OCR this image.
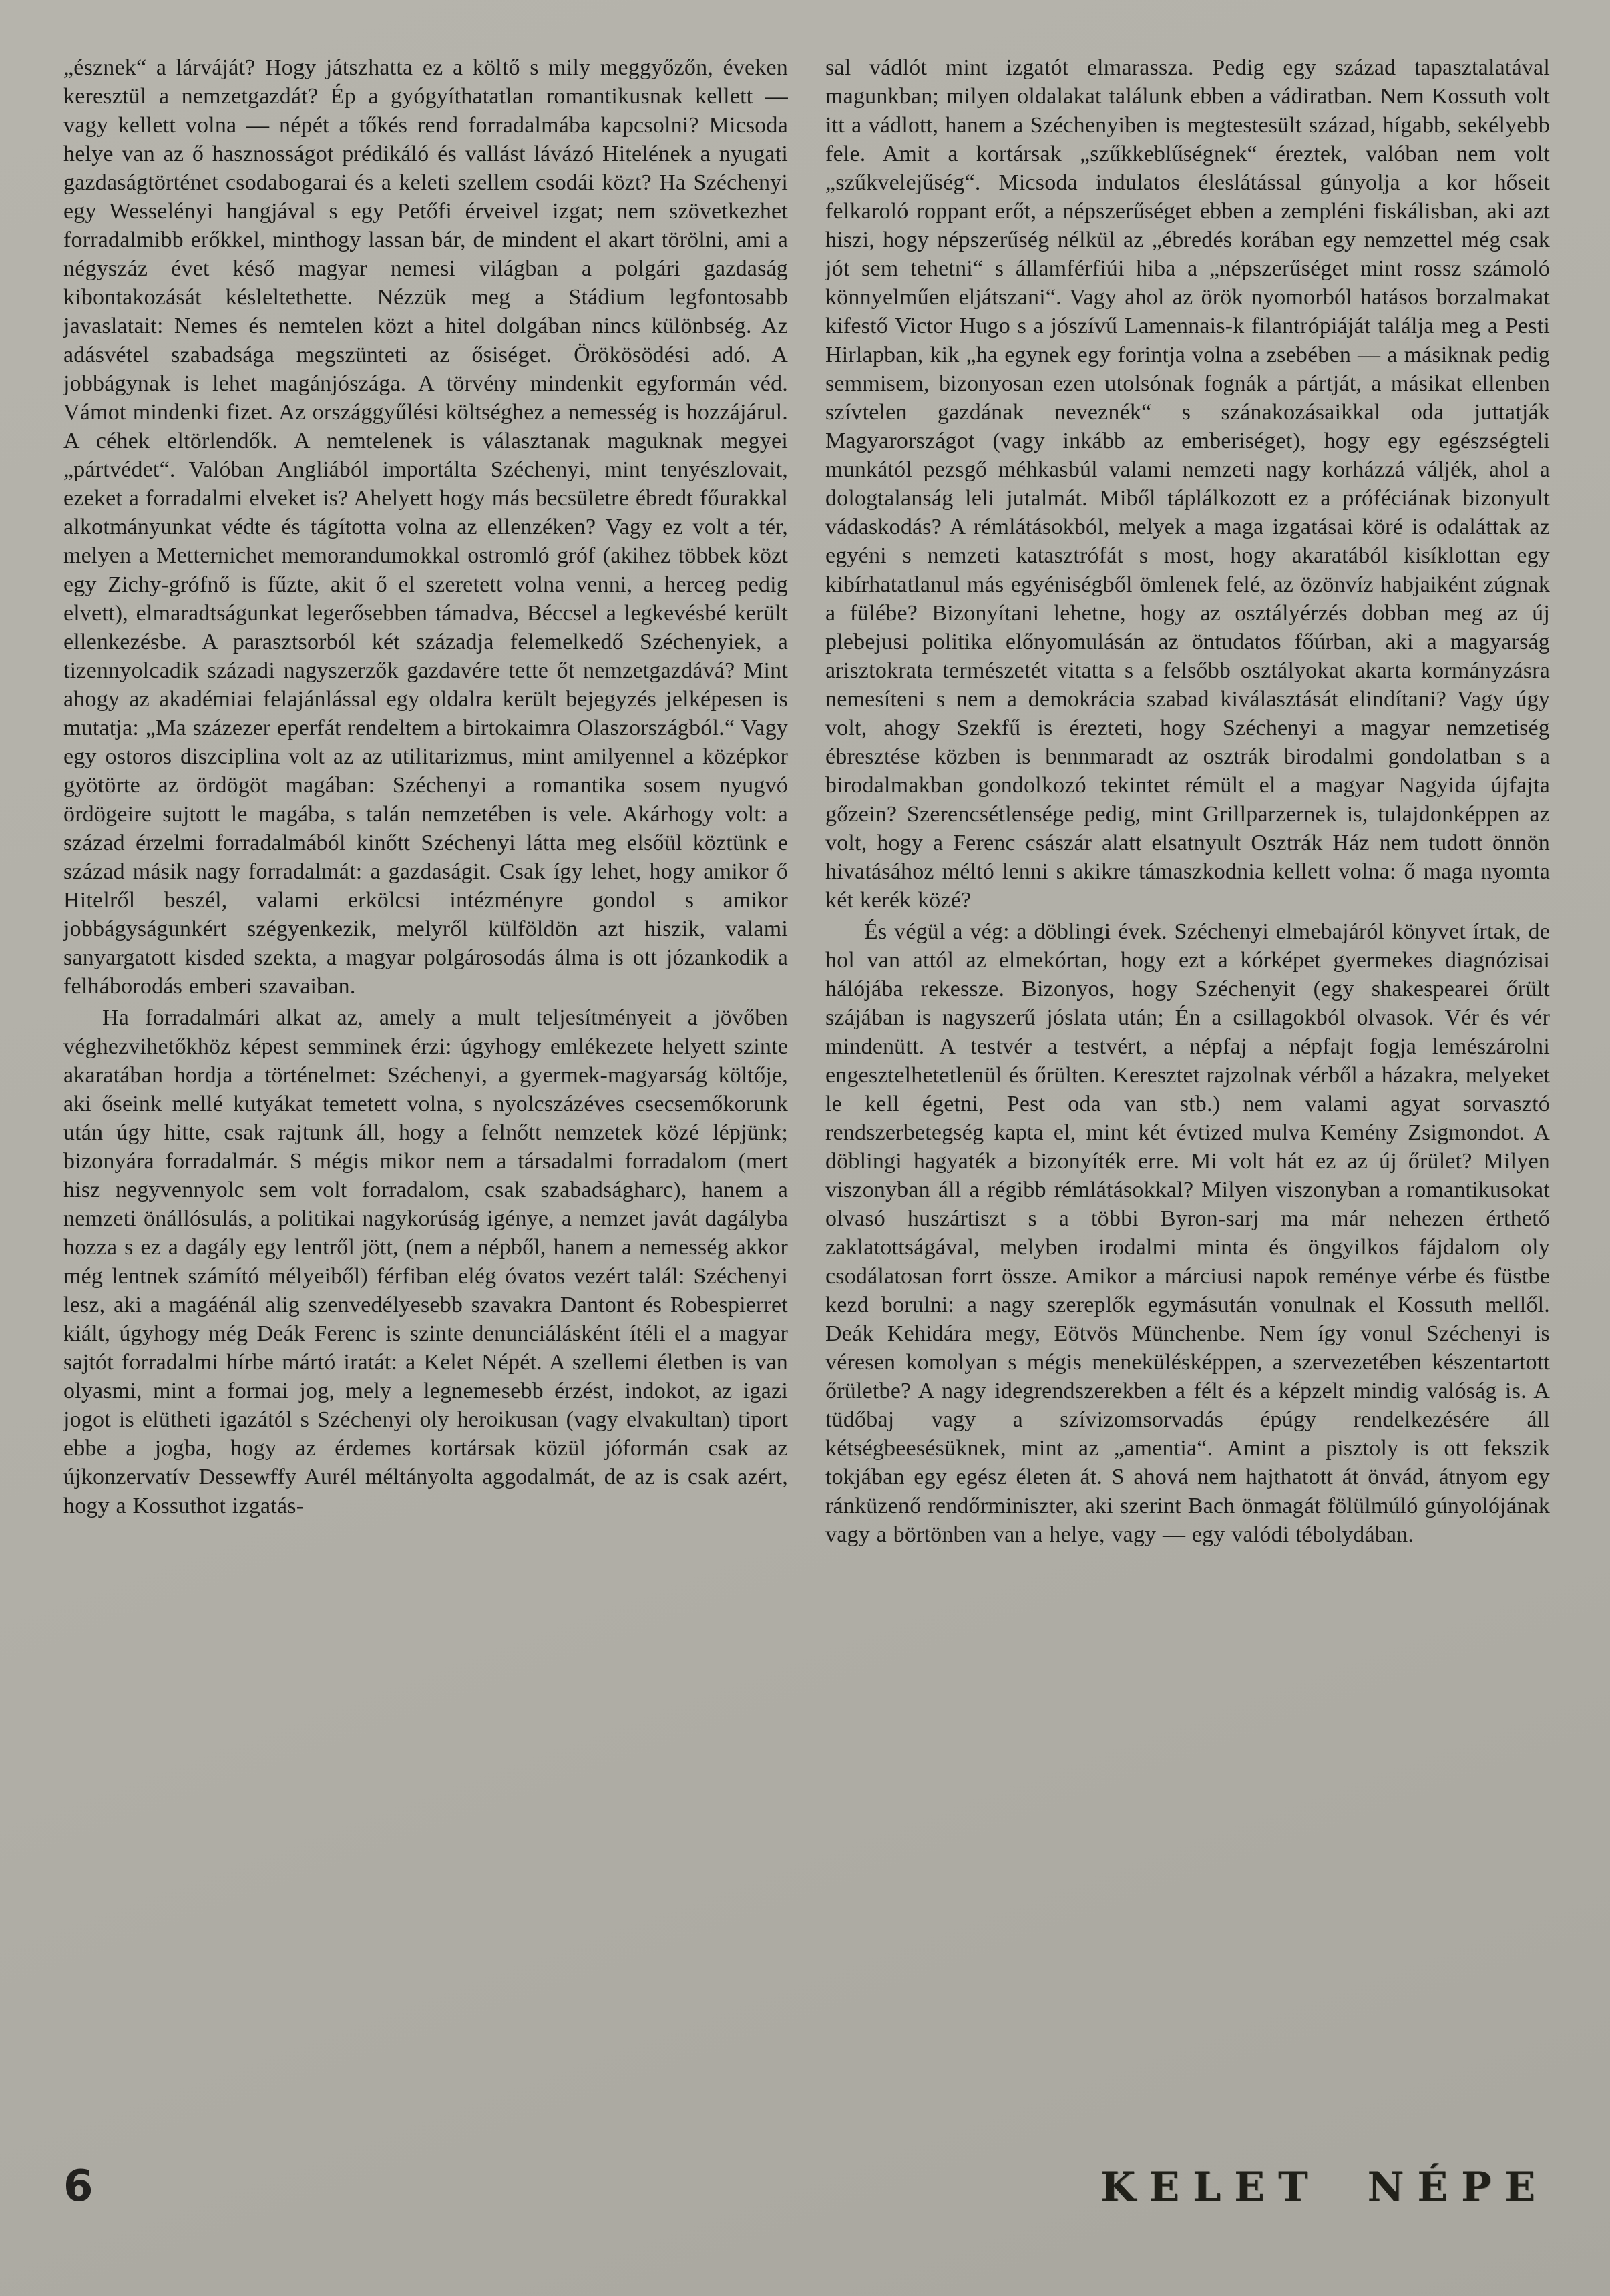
„észnek“ a lárváját? Hogy játszhatta ez a költő s mily meggyőzőn, éveken keresztül a nemzetgazdát? Ép a gyógyíthatatlan romantikusnak kellett — vagy kellett volna — népét a tőkés rend forradalmába kapcsolni? Micsoda helye van az ő hasznosságot prédikáló és vallást lávázó Hitelének a nyugati gazdaságtörténet csodabogarai és a keleti szellem csodái közt? Ha Széchenyi egy Wesselényi hangjával s egy Petőfi érveivel izgat; nem szövetkezhet forradalmibb erőkkel, minthogy lassan bár, de mindent el akart törölni, ami a négyszáz évet késő magyar nemesi világban a polgári gazdaság kibontakozását késleltethette. Nézzük meg a Stádium legfontosabb javaslatait: Nemes és nemtelen közt a hitel dolgában nincs különbség. Az adásvétel szabadsága megszünteti az ősiséget. Örökösödési adó. A jobbágynak is lehet magánjószága. A törvény mindenkit egyformán véd. Vámot mindenki fizet. Az országgyűlési költséghez a nemesség is hozzájárul. A céhek eltörlendők. A nemtelenek is választanak maguknak megyei „pártvédet“. Valóban Angliából importálta Széchenyi, mint tenyészlovait, ezeket a forradalmi elveket is? Ahelyett hogy más becsületre ébredt főurakkal alkotmányunkat védte és tágította volna az ellenzéken? Vagy ez volt a tér, melyen a Metternichet memorandumokkal ostromló gróf (akihez többek közt egy Zichy-grófnő is fűzte, akit ő el szeretett volna venni, a herceg pedig elvett), elmaradtságunkat legerősebben támadva, Béccsel a legkevésbé került ellenkezésbe. A parasztsorból két századja felemelkedő Széchenyiek, a tizennyolcadik századi nagyszerzők gazdavére tette őt nemzetgazdává? Mint ahogy az akadémiai felajánlással egy oldalra került bejegyzés jelképesen is mutatja: „Ma százezer eperfát rendeltem a birtokaimra Olaszországból.“ Vagy egy ostoros diszciplina volt az az utilitarizmus, mint amilyennel a középkor gyötörte az ördögöt magában: Széchenyi a romantika sosem nyugvó ördögeire sujtott le magába, s talán nemzetében is vele. Akárhogy volt: a század érzelmi forradalmából kinőtt Széchenyi látta meg elsőül köztünk e század másik nagy forradalmát: a gazdaságit. Csak így lehet, hogy amikor ő Hitelről beszél, valami erkölcsi intézményre gondol s amikor jobbágyságunkért szégyenkezik, melyről külföldön azt hiszik, valami sanyargatott kisded szekta, a magyar polgárosodás álma is ott józankodik a felháborodás emberi szavaiban.

Ha forradalmári alkat az, amely a mult teljesítményeit a jövőben véghezvihetőkhöz képest semminek érzi: úgyhogy emlékezete helyett szinte akaratában hordja a történelmet: Széchenyi, a gyermek-magyarság költője, aki őseink mellé kutyákat temetett volna, s nyolcszázéves csecsemőkorunk után úgy hitte, csak rajtunk áll, hogy a felnőtt nemzetek közé lépjünk; bizonyára forradalmár. S mégis mikor nem a társadalmi forradalom (mert hisz negyvennyolc sem volt forradalom, csak szabadságharc), hanem a nemzeti önállósulás, a politikai nagykorúság igénye, a nemzet javát dagályba hozza s ez a dagály egy lentről jött, (nem a népből, hanem a nemesség akkor még lentnek számító mélyeiből) férfiban elég óvatos vezért talál: Széchenyi lesz, aki a magáénál alig szenvedélyesebb szavakra Dantont és Robespierret kiált, úgyhogy még Deák Ferenc is szinte denunciálásként ítéli el a magyar sajtót forradalmi hírbe mártó iratát: a Kelet Népét. A szellemi életben is van olyasmi, mint a formai jog, mely a legnemesebb érzést, indokot, az igazi jogot is elütheti igazától s Széchenyi oly heroikusan (vagy elvakultan) tiport ebbe a jogba, hogy az érdemes kortársak közül jóformán csak az újkonzervatív Dessewffy Aurél méltányolta aggodalmát, de az is csak azért, hogy a Kossuthot izgatás-

sal vádlót mint izgatót elmarassza. Pedig egy század tapasztalatával magunkban; milyen oldalakat találunk ebben a vádiratban. Nem Kossuth volt itt a vádlott, hanem a Széchenyiben is megtestesült század, hígabb, sekélyebb fele. Amit a kortársak „szűkkeblűségnek“ éreztek, valóban nem volt „szűkvelejűség“. Micsoda indulatos éleslátással gúnyolja a kor hőseit felkaroló roppant erőt, a népszerűséget ebben a zempléni fiskálisban, aki azt hiszi, hogy népszerűség nélkül az „ébredés korában egy nemzettel még csak jót sem tehetni“ s államférfiúi hiba a „népszerűséget mint rossz számoló könnyelműen eljátszani“. Vagy ahol az örök nyomorból hatásos borzalmakat kifestő Victor Hugo s a jószívű Lamennais-k filantrópiáját találja meg a Pesti Hirlapban, kik „ha egynek egy forintja volna a zsebében — a másiknak pedig semmisem, bizonyosan ezen utolsónak fognák a pártját, a másikat ellenben szívtelen gazdának neveznék“ s szánakozásaikkal oda juttatják Magyarországot (vagy inkább az emberiséget), hogy egy egészségteli munkától pezsgő méhkasbúl valami nemzeti nagy korházzá váljék, ahol a dologtalanság leli jutalmát. Miből táplálkozott ez a próféciának bizonyult vádaskodás? A rémlátásokból, melyek a maga izgatásai köré is odaláttak az egyéni s nemzeti katasztrófát s most, hogy akaratából kisíklottan egy kibírhatatlanul más egyéniségből ömlenek felé, az özönvíz habjaiként zúgnak a fülébe? Bizonyítani lehetne, hogy az osztályérzés dobban meg az új plebejusi politika előnyomulásán az öntudatos főúrban, aki a magyarság arisztokrata természetét vitatta s a felsőbb osztályokat akarta kormányzásra nemesíteni s nem a demokrácia szabad kiválasztását elindítani? Vagy úgy volt, ahogy Szekfű is érezteti, hogy Széchenyi a magyar nemzetiség ébresztése közben is bennmaradt az osztrák birodalmi gondolatban s a birodalmakban gondolkozó tekintet rémült el a magyar Nagyida újfajta gőzein? Szerencsétlensége pedig, mint Grillparzernek is, tulajdonképpen az volt, hogy a Ferenc császár alatt elsatnyult Osztrák Ház nem tudott önnön hivatásához méltó lenni s akikre támaszkodnia kellett volna: ő maga nyomta két kerék közé?

És végül a vég: a döblingi évek. Széchenyi elmebajáról könyvet írtak, de hol van attól az elmekórtan, hogy ezt a kórképet gyermekes diagnózisai hálójába rekessze. Bizonyos, hogy Széchenyit (egy shakespearei őrült szájában is nagyszerű jóslata után; Én a csillagokból olvasok. Vér és vér mindenütt. A testvér a testvért, a népfaj a népfajt fogja lemészárolni engesztelhetetlenül és őrülten. Keresztet rajzolnak vérből a házakra, melyeket le kell égetni, Pest oda van stb.) nem valami agyat sorvasztó rendszerbetegség kapta el, mint két évtized mulva Kemény Zsigmondot. A döblingi hagyaték a bizonyíték erre. Mi volt hát ez az új őrület? Milyen viszonyban áll a régibb rémlátásokkal? Milyen viszonyban a romantikusokat olvasó huszártiszt s a többi Byron-sarj ma már nehezen érthető zaklatottságával, melyben irodalmi minta és öngyilkos fájdalom oly csodálatosan forrt össze. Amikor a márciusi napok reménye vérbe és füstbe kezd borulni: a nagy szereplők egymásután vonulnak el Kossuth mellől. Deák Kehidára megy, Eötvös Münchenbe. Nem így vonul Széchenyi is véresen komolyan s mégis menekülésképpen, a szervezetében készentartott őrületbe? A nagy idegrendszerekben a félt és a képzelt mindig valóság is. A tüdőbaj vagy a szívizomsorvadás épúgy rendelkezésére áll kétségbeesésüknek, mint az „amentia“. Amint a pisztoly is ott fekszik tokjában egy egész életen át. S ahová nem hajthatott át önvád, átnyom egy ránküzenő rendőrminiszter, aki szerint Bach önmagát fölülmúló gúnyolójának vagy a börtönben van a helye, vagy — egy valódi tébolydában.

6	KELET NÉPE
